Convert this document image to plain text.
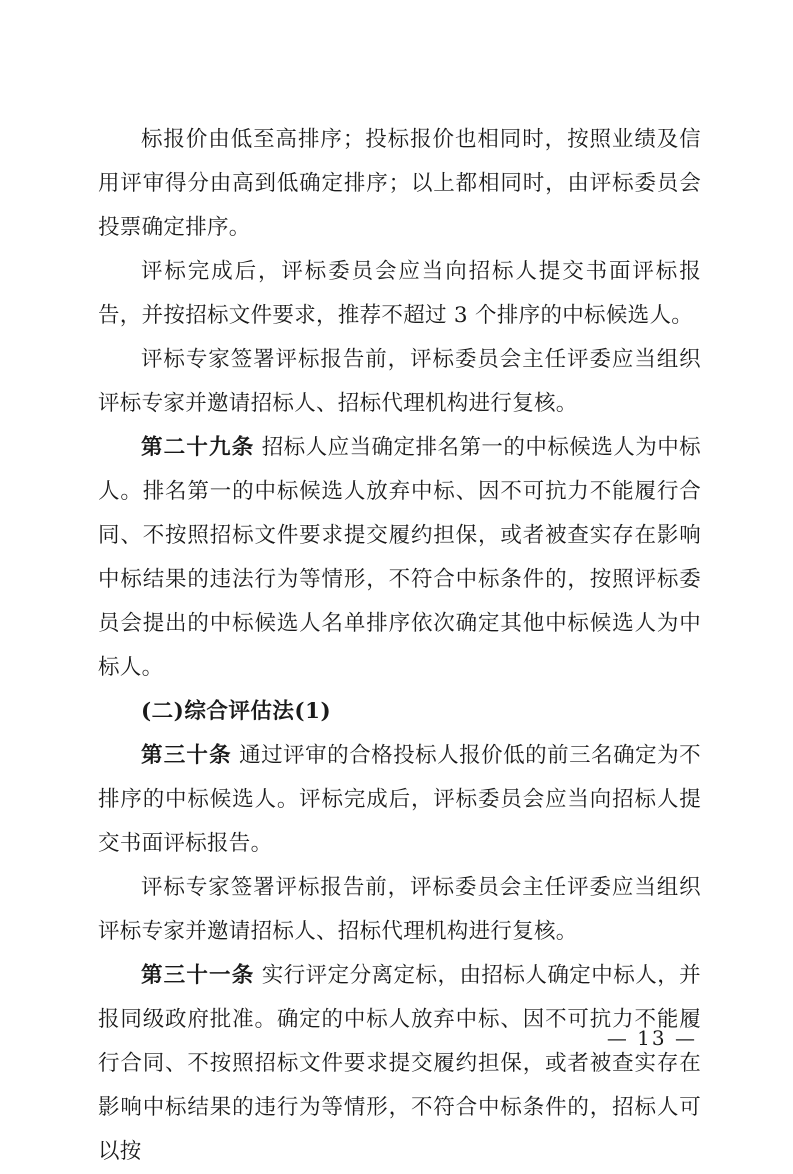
标报价由低至高排序；投标报价也相同时，按照业绩及信用评审得分由高到低确定排序；以上都相同时，由评标委员会投票确定排序。

评标完成后，评标委员会应当向招标人提交书面评标报告，并按招标文件要求，推荐不超过 3 个排序的中标候选人。

评标专家签署评标报告前，评标委员会主任评委应当组织评标专家并邀请招标人、招标代理机构进行复核。

第二十九条 招标人应当确定排名第一的中标候选人为中标人。排名第一的中标候选人放弃中标、因不可抗力不能履行合同、不按照招标文件要求提交履约担保，或者被查实存在影响中标结果的违法行为等情形，不符合中标条件的，按照评标委员会提出的中标候选人名单排序依次确定其他中标候选人为中标人。

(二)综合评估法(1)

第三十条 通过评审的合格投标人报价低的前三名确定为不排序的中标候选人。评标完成后，评标委员会应当向招标人提交书面评标报告。

评标专家签署评标报告前，评标委员会主任评委应当组织评标专家并邀请招标人、招标代理机构进行复核。

第三十一条 实行评定分离定标，由招标人确定中标人，并报同级政府批准。确定的中标人放弃中标、因不可抗力不能履行合同、不按照招标文件要求提交履约担保，或者被查实存在影响中标结果的违行为等情形，不符合中标条件的，招标人可以按

— 13 —
